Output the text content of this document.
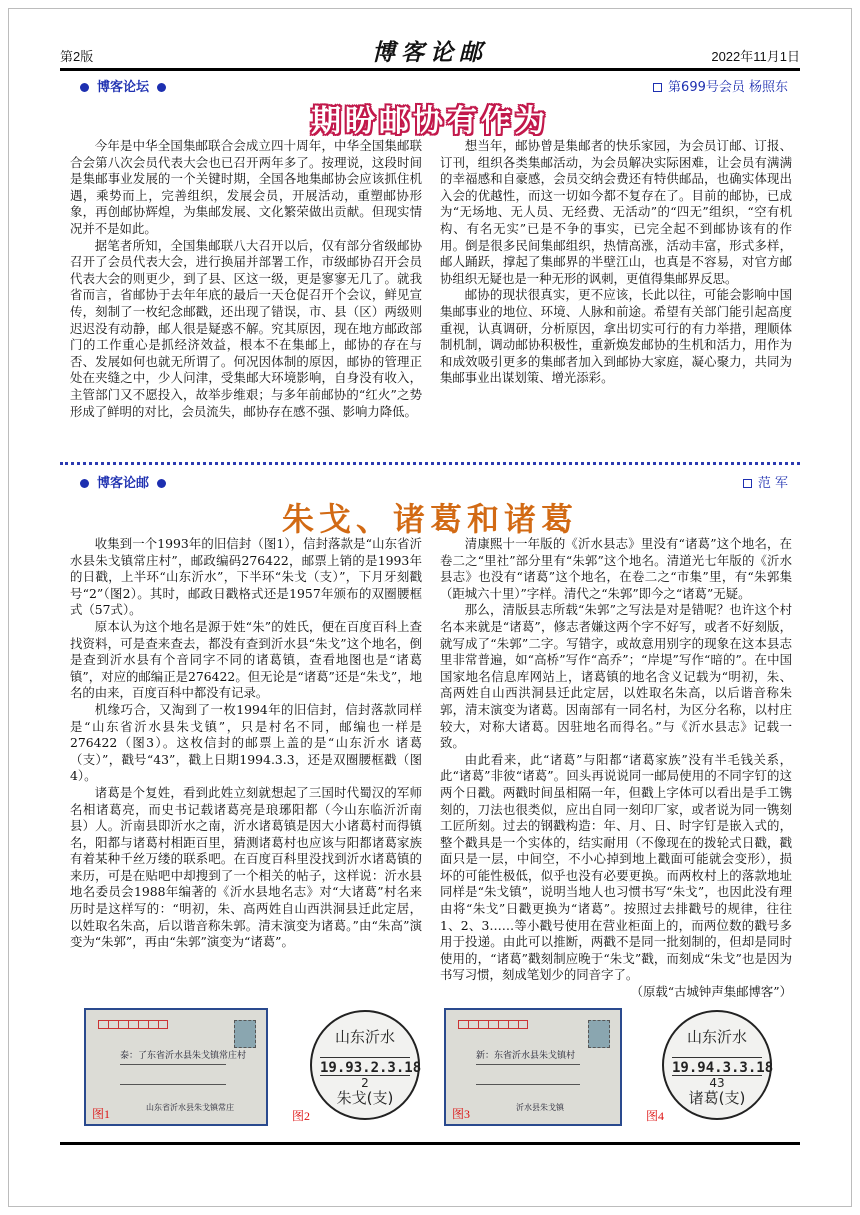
第2版	博客论邮	2022年11月1日
博客论坛	第699号会员 杨照东
期盼邮协有作为

今年是中华全国集邮联合会成立四十周年，中华全国集邮联合会第八次会员代表大会也已召开两年多了。按理说，这段时间是集邮事业发展的一个关键时期，全国各地集邮协会应该抓住机遇，乘势而上，完善组织，发展会员，开展活动，重塑邮协形象，再创邮协辉煌，为集邮发展、文化繁荣做出贡献。但现实情况并不是如此。

据笔者所知，全国集邮联八大召开以后，仅有部分省级邮协召开了会员代表大会，进行换届并部署工作，市级邮协召开会员代表大会的则更少，到了县、区这一级，更是寥寥无几了。就我省而言，省邮协于去年年底的最后一天仓促召开个会议，鲜见宣传，刻制了一枚纪念邮戳，还出现了错误，市、县（区）两级则迟迟没有动静，邮人很是疑惑不解。究其原因，现在地方邮政部门的工作重心是抓经济效益，根本不在集邮上，邮协的存在与否、发展如何也就无所谓了。何况因体制的原因，邮协的管理正处在夹缝之中，少人问津，受集邮大环境影响，自身没有收入，主管部门又不愿投入，故举步维艰；与多年前邮协的“红火”之势形成了鲜明的对比，会员流失，邮协存在感不强、影响力降低。

想当年，邮协曾是集邮者的快乐家园，为会员订邮、订报、订刊，组织各类集邮活动，为会员解决实际困难，让会员有满满的幸福感和自豪感，会员交纳会费还有特供邮品，也确实体现出入会的优越性，而这一切如今都不复存在了。目前的邮协，已成为“无场地、无人员、无经费、无活动”的“四无”组织，“空有机构、有名无实”已是不争的事实，已完全起不到邮协该有的作用。倒是很多民间集邮组织，热情高涨，活动丰富，形式多样，邮人踊跃，撑起了集邮界的半壁江山，也真是不容易，对官方邮协组织无疑也是一种无形的讽刺，更值得集邮界反思。

邮协的现状很真实，更不应该，长此以往，可能会影响中国集邮事业的地位、环境、人脉和前途。希望有关部门能引起高度重视，认真调研，分析原因，拿出切实可行的有力举措，理顺体制机制，调动邮协积极性，重新焕发邮协的生机和活力，用作为和成效吸引更多的集邮者加入到邮协大家庭，凝心聚力，共同为集邮事业出谋划策、增光添彩。

博客论邮	范 军
朱戈、诸葛和诸葛

收集到一个1993年的旧信封（图1），信封落款是“山东省沂水县朱戈镇常庄村”，邮政编码276422，邮票上销的是1993年的日戳，上半环“山东沂水”，下半环“朱戈（支）”，下月牙刻戳号“2”（图2）。其时，邮政日戳格式还是1957年颁布的双圈腰框式（57式）。

原本认为这个地名是源于姓“朱”的姓氏，便在百度百科上查找资料，可是查来查去，都没有查到沂水县“朱戈”这个地名，倒是查到沂水县有个音同字不同的诸葛镇，查看地图也是“诸葛镇”，对应的邮编正是276422。但无论是“诸葛”还是“朱戈”，地名的由来，百度百科中都没有记录。

机缘巧合，又淘到了一枚1994年的旧信封，信封落款同样是“山东省沂水县朱戈镇”，只是村名不同，邮编也一样是276422（图3）。这枚信封的邮票上盖的是“山东沂水 诸葛（支）”，戳号“43”，戳上日期1994.3.3，还是双圈腰框戳（图4）。

诸葛是个复姓，看到此姓立刻就想起了三国时代蜀汉的军师名相诸葛亮，而史书记载诸葛亮是琅琊阳都（今山东临沂沂南县）人。沂南县即沂水之南，沂水诸葛镇是因大小诸葛村而得镇名，阳都与诸葛村相距百里，猜测诸葛村也应该与阳都诸葛家族有着某种千丝万缕的联系吧。在百度百科里没找到沂水诸葛镇的来历，可是在贴吧中却搜到了一个相关的帖子，这样说：沂水县地名委员会1988年编著的《沂水县地名志》对“大诸葛”村名来历时是这样写的：“明初，朱、高两姓自山西洪洞县迁此定居，以姓取名朱高，后以谐音称朱郭。清末演变为诸葛。”由“朱高”演变为“朱郭”，再由“朱郭”演变为“诸葛”。

清康熙十一年版的《沂水县志》里没有“诸葛”这个地名，在卷二之“里社”部分里有“朱郭”这个地名。清道光七年版的《沂水县志》也没有“诸葛”这个地名，在卷二之“市集”里，有“朱郭集（距城六十里）”字样。清代之“朱郭”即今之“诸葛”无疑。

那么，清版县志所载“朱郭”之写法是对是错呢？也许这个村名本来就是“诸葛”，修志者嫌这两个字不好写，或者不好刻版，就写成了“朱郭”二字。写错字，或故意用别字的现象在这本县志里非常普遍，如“高桥”写作“高乔”；“岸堤”写作“暗的”。在中国国家地名信息库网站上，诸葛镇的地名含义记载为“明初，朱、高两姓自山西洪洞县迁此定居，以姓取名朱高，以后谐音称朱郭，清末演变为诸葛。因南部有一同名村，为区分名称，以村庄较大，对称大诸葛。因驻地名而得名。”与《沂水县志》记载一致。

由此看来，此“诸葛”与阳都“诸葛家族”没有半毛钱关系，此“诸葛”非彼“诸葛”。回头再说说同一邮局使用的不同字钉的这两个日戳。两戳时间虽相隔一年，但戳上字体可以看出是手工镌刻的，刀法也很类似，应出自同一刻印厂家，或者说为同一镌刻工匠所刻。过去的钢戳构造：年、月、日、时字钉是嵌入式的，整个戳具是一个实体的，结实耐用（不像现在的拨轮式日戳，戳面只是一层，中间空，不小心掉到地上戳面可能就会变形），损坏的可能性极低，似乎也没有必要更换。而两枚村上的落款地址同样是“朱戈镇”，说明当地人也习惯书写“朱戈”，也因此没有理由将“朱戈”日戳更换为“诸葛”。按照过去排戳号的规律，往往1、2、3……等小戳号使用在营业柜面上的，而两位数的戳号多用于投递。由此可以推断，两戳不是同一批刻制的，但却是同时使用的，“诸葛”戳刻制应晚于“朱戈”戳，而刻成“朱戈”也是因为书写习惯，刻成笔划少的同音字了。

（原载“古城钟声集邮博客”）

泰：了东省沂水县朱戈镇常庄村
山东省沂水县朱戈镇常庄
图1
山东沂水
19.93.2.3.18
2
朱戈(支)
图2
新：东省沂水县朱戈镇村
沂水县朱戈镇
图3
山东沂水
19.94.3.3.18
43
诸葛(支)
图4
